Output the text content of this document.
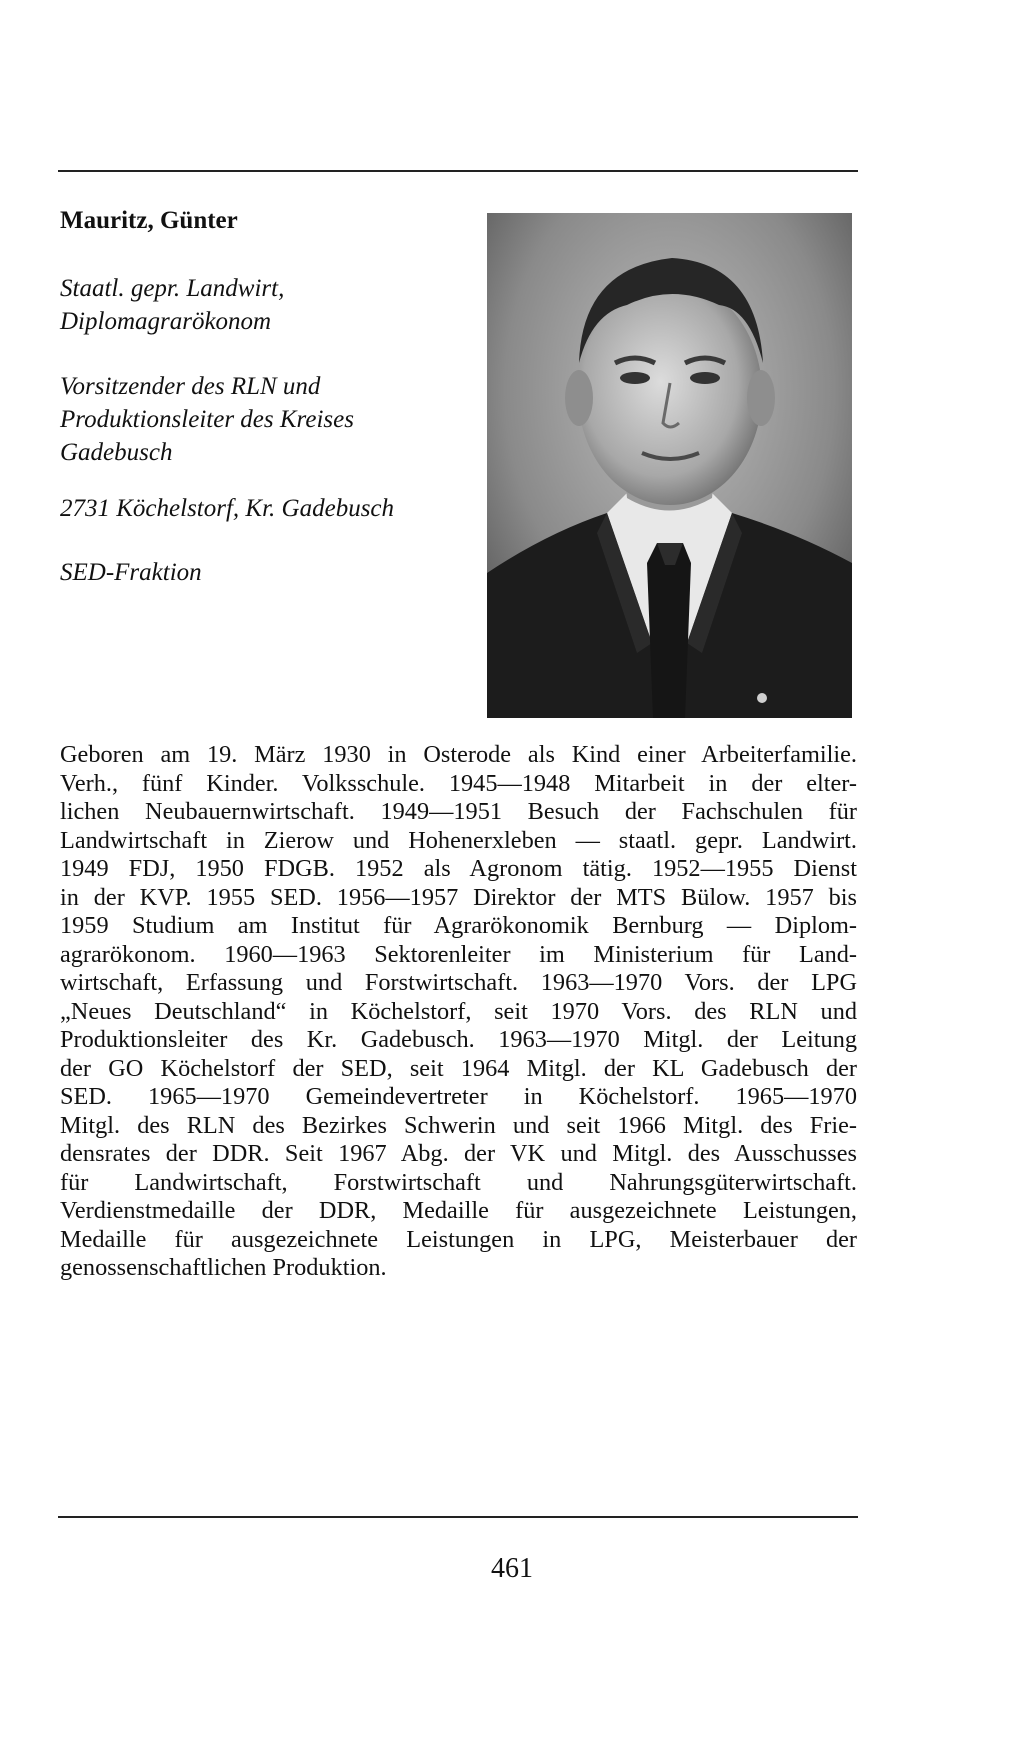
Mauritz, Günter
Staatl. gepr. Landwirt,
Diplomagrarökonom
Vorsitzender des RLN und
Produktionsleiter des Kreises
Gadebusch
2731 Köchelstorf, Kr. Gadebusch
SED-Fraktion
Geboren am 19. März 1930 in Osterode als Kind einer Arbeiterfamilie.
Verh., fünf Kinder. Volksschule. 1945—1948 Mitarbeit in der elter-
lichen Neubauernwirtschaft. 1949—1951 Besuch der Fachschulen für
Landwirtschaft in Zierow und Hohenerxleben — staatl. gepr. Landwirt.
1949 FDJ, 1950 FDGB. 1952 als Agronom tätig. 1952—1955 Dienst
in der KVP. 1955 SED. 1956—1957 Direktor der MTS Bülow. 1957 bis
1959 Studium am Institut für Agrarökonomik Bernburg — Diplom-
agrarökonom. 1960—1963 Sektorenleiter im Ministerium für Land-
wirtschaft, Erfassung und Forstwirtschaft. 1963—1970 Vors. der LPG
„Neues Deutschland“ in Köchelstorf, seit 1970 Vors. des RLN und
Produktionsleiter des Kr. Gadebusch. 1963—1970 Mitgl. der Leitung
der GO Köchelstorf der SED, seit 1964 Mitgl. der KL Gadebusch der
SED. 1965—1970 Gemeindevertreter in Köchelstorf. 1965—1970
Mitgl. des RLN des Bezirkes Schwerin und seit 1966 Mitgl. des Frie-
densrates der DDR. Seit 1967 Abg. der VK und Mitgl. des Ausschusses
für Landwirtschaft, Forstwirtschaft und Nahrungsgüterwirtschaft.
Verdienstmedaille der DDR, Medaille für ausgezeichnete Leistungen,
Medaille für ausgezeichnete Leistungen in LPG, Meisterbauer der
genossenschaftlichen Produktion.
461
